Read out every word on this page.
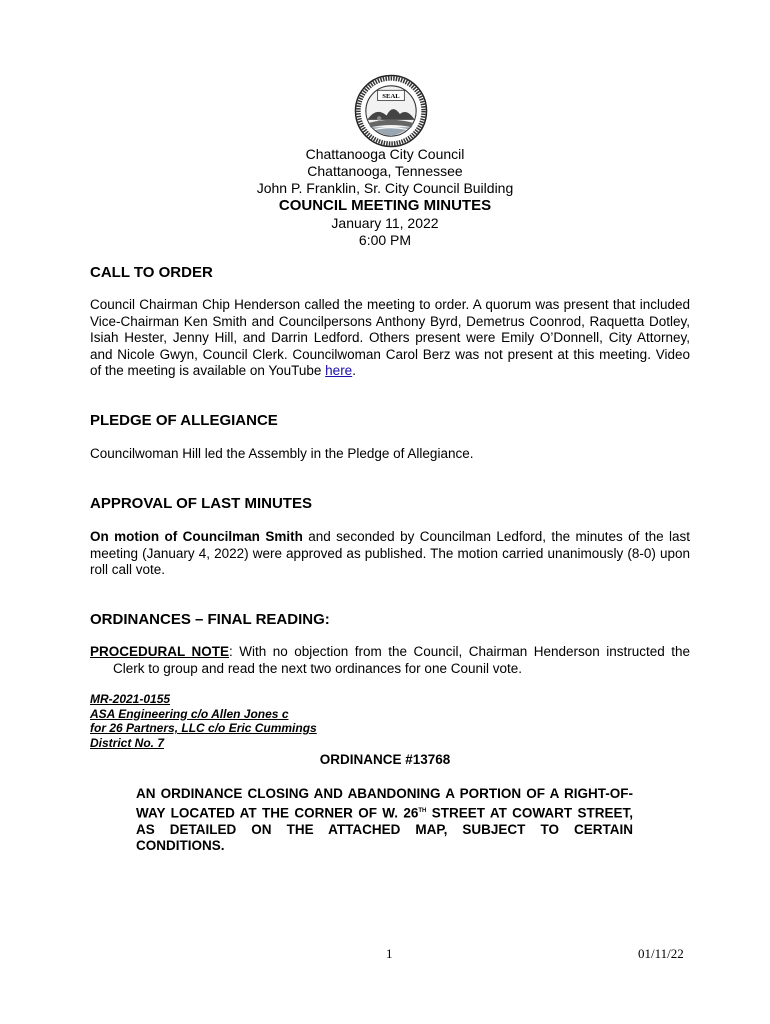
SEAL

Chattanooga City Council

Chattanooga, Tennessee

John P. Franklin, Sr. City Council Building

COUNCIL MEETING MINUTES

January 11, 2022

6:00 PM

CALL TO ORDER

Council Chairman Chip Henderson called the meeting to order. A quorum was present that included Vice-Chairman Ken Smith and Councilpersons Anthony Byrd, Demetrus Coonrod, Raquetta Dotley, Isiah Hester, Jenny Hill, and Darrin Ledford. Others present were Emily O’Donnell, City Attorney, and Nicole Gwyn, Council Clerk. Councilwoman Carol Berz was not present at this meeting. Video of the meeting is available on YouTube here.

PLEDGE OF ALLEGIANCE

Councilwoman Hill led the Assembly in the Pledge of Allegiance.

APPROVAL OF LAST MINUTES

On motion of Councilman Smith and seconded by Councilman Ledford, the minutes of the last meeting (January 4, 2022) were approved as published. The motion carried unanimously (8-0) upon roll call vote.

ORDINANCES – FINAL READING:

PROCEDURAL NOTE: With no objection from the Council, Chairman Henderson instructed the
Clerk to group and read the next two ordinances for one Counil vote.

MR-2021-0155
ASA Engineering c/o Allen Jones c
for 26 Partners, LLC c/o Eric Cummings
District No. 7

ORDINANCE #13768

AN ORDINANCE CLOSING AND ABANDONING A PORTION OF A RIGHT-OF-
WAY LOCATED AT THE CORNER OF W. 26TH STREET AT COWART STREET,
AS DETAILED ON THE ATTACHED MAP, SUBJECT TO CERTAIN
CONDITIONS.

1	01/11/22
